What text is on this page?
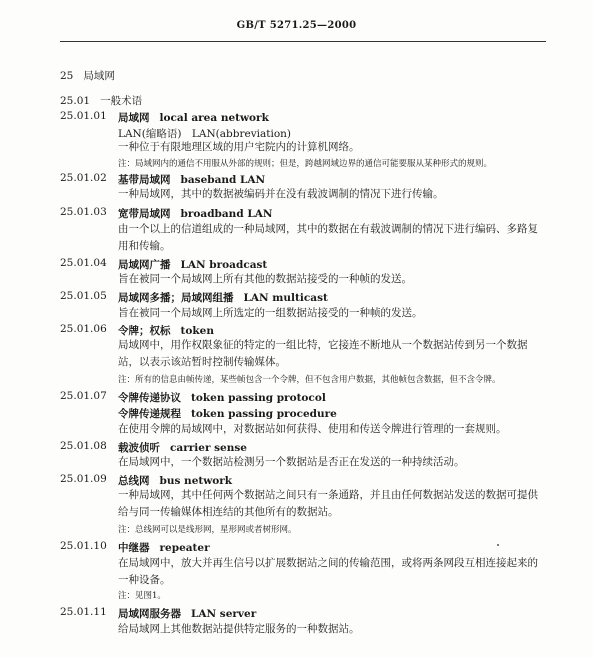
GB/T 5271.25—2000
25 局域网
25.01 一般术语
25.01.01 局域网 local area network
LAN(缩略语)　LAN(abbreviation)
一种位于有限地理区域的用户宅院内的计算机网络。
注：局域网内的通信不用服从外部的规则；但是，跨越网域边界的通信可能要服从某种形式的规则。
25.01.02 基带局域网 baseband LAN
一种局域网，其中的数据被编码并在没有载波调制的情况下进行传输。
25.01.03 宽带局域网 broadband LAN
由一个以上的信道组成的一种局域网，其中的数据在有载波调制的情况下进行编码、多路复用和传输。
25.01.04 局域网广播 LAN broadcast
旨在被同一个局域网上所有其他的数据站接受的一种帧的发送。
25.01.05 局域网多播；局域网组播 LAN multicast
旨在被同一个局域网上所选定的一组数据站接受的一种帧的发送。
25.01.06 令牌；权标 token
局域网中，用作权限象征的特定的一组比特，它接连不断地从一个数据站传到另一个数据站，以表示该站暂时控制传输媒体。
注：所有的信息由帧传递，某些帧包含一个令牌，但不包含用户数据，其他帧包含数据，但不含令牌。
25.01.07 令牌传递协议 token passing protocol
令牌传递规程 token passing procedure
在使用令牌的局域网中，对数据站如何获得、使用和传送令牌进行管理的一套规则。
25.01.08 载波侦听 carrier sense
在局域网中，一个数据站检测另一个数据站是否正在发送的一种持续活动。
25.01.09 总线网 bus network
一种局域网，其中任何两个数据站之间只有一条通路，并且由任何数据站发送的数据可提供给与同一传输媒体相连结的其他所有的数据站。
注：总线网可以是线形网，星形网或者树形网。
25.01.10 中继器 repeater
在局域网中，放大并再生信号以扩展数据站之间的传输范围，或将两条网段互相连接起来的一种设备。
注：见图1。
25.01.11 局域网服务器 LAN server
给局域网上其他数据站提供特定服务的一种数据站。
